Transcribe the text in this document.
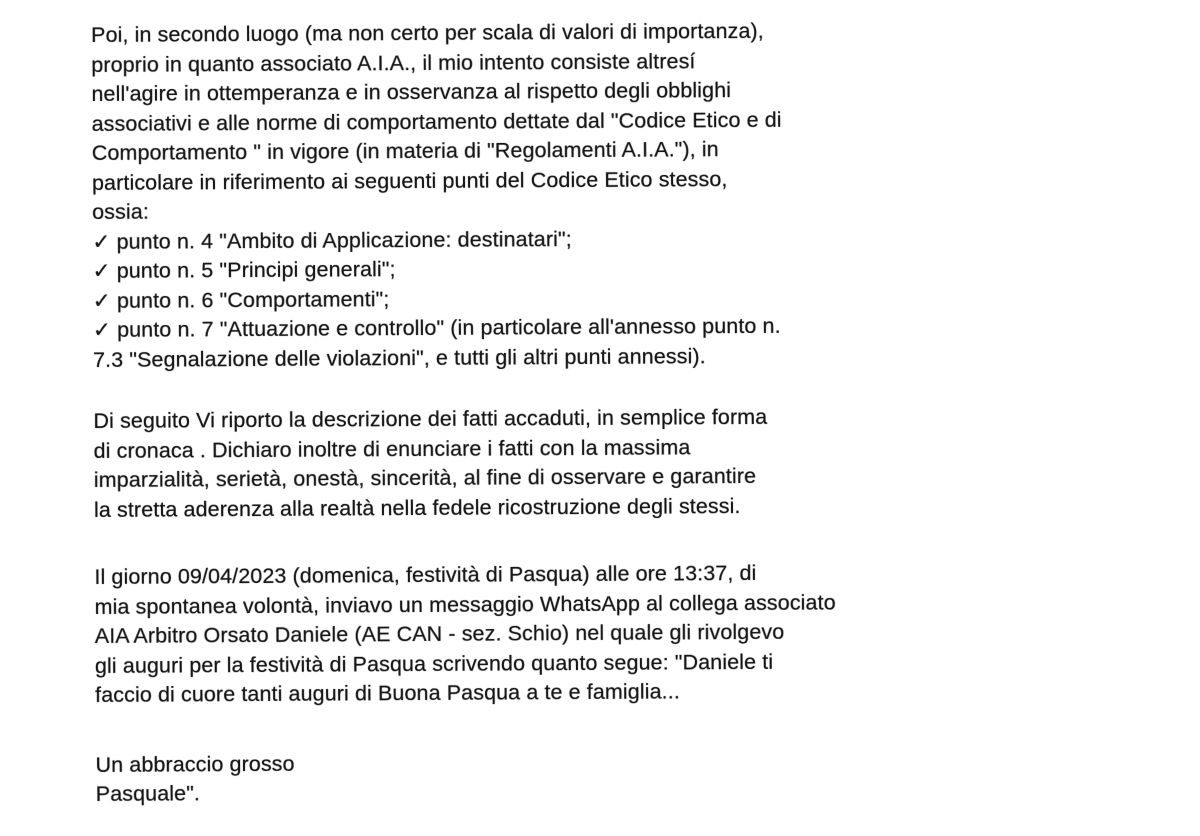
Poi, in secondo luogo (ma non certo per scala di valori di importanza),
proprio in quanto associato A.I.A., il mio intento consiste altresí
nell'agire in ottemperanza e in osservanza al rispetto degli obblighi
associativi e alle norme di comportamento dettate dal "Codice Etico e di
Comportamento " in vigore (in materia di "Regolamenti A.I.A."), in
particolare in riferimento ai seguenti punti del Codice Etico stesso,
ossia:
✓ punto n. 4 "Ambito di Applicazione: destinatari";
✓ punto n. 5 "Principi generali";
✓ punto n. 6 "Comportamenti";
✓ punto n. 7 "Attuazione e controllo" (in particolare all'annesso punto n.
7.3 "Segnalazione delle violazioni", e tutti gli altri punti annessi).
Di seguito Vi riporto la descrizione dei fatti accaduti, in semplice forma
di cronaca . Dichiaro inoltre di enunciare i fatti con la massima
imparzialità, serietà, onestà, sincerità, al fine di osservare e garantire
la stretta aderenza alla realtà nella fedele ricostruzione degli stessi.
Il giorno 09/04/2023 (domenica, festività di Pasqua) alle ore 13:37, di
mia spontanea volontà, inviavo un messaggio WhatsApp al collega associato
AIA Arbitro Orsato Daniele (AE CAN - sez. Schio) nel quale gli rivolgevo
gli auguri per la festività di Pasqua scrivendo quanto segue: "Daniele ti
faccio di cuore tanti auguri di Buona Pasqua a te e famiglia...
Un abbraccio grosso
Pasquale".
